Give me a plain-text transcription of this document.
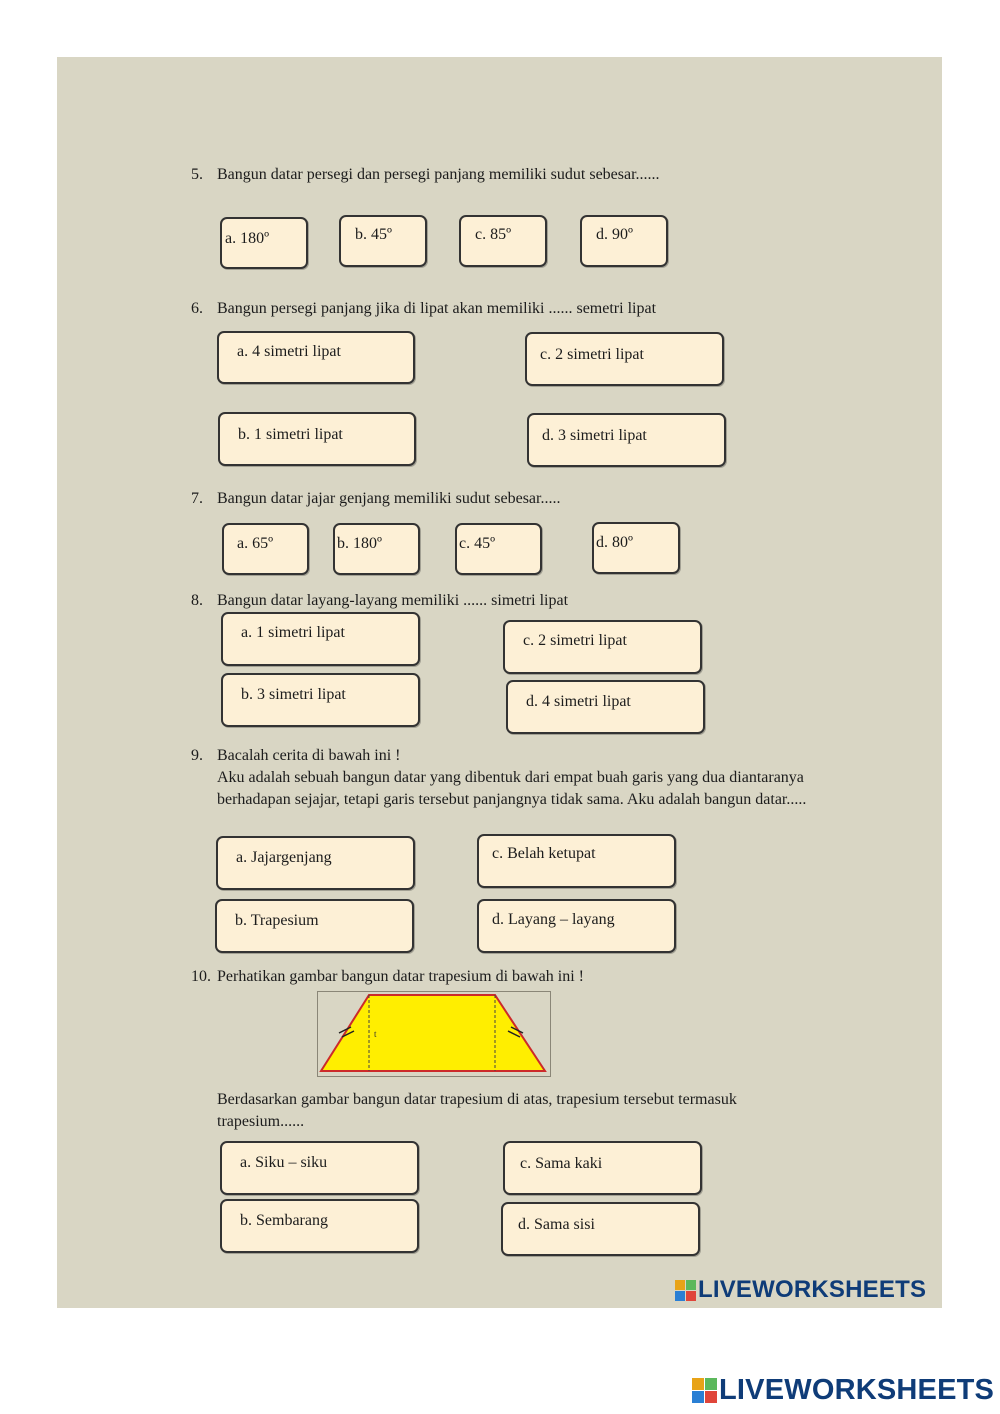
5. Bangun datar persegi dan persegi panjang memiliki sudut sebesar......
a. 180º	b. 45º	c. 85º	d. 90º
6. Bangun persegi panjang jika di lipat akan memiliki ...... semetri lipat
a. 4 simetri lipat	c. 2 simetri lipat
b. 1 simetri lipat	d. 3 simetri lipat
7. Bangun datar jajar genjang memiliki sudut sebesar.....
a. 65º	b. 180º	c. 45º	d. 80º
8. Bangun datar layang-layang memiliki ...... simetri lipat
a. 1 simetri lipat	c. 2 simetri lipat
b. 3 simetri lipat	d. 4 simetri lipat
9. Bacalah cerita di bawah ini !
Aku adalah sebuah bangun datar yang dibentuk dari empat buah garis yang dua diantaranya berhadapan sejajar, tetapi garis tersebut panjangnya tidak sama. Aku adalah bangun datar.....
a. Jajargenjang	c. Belah ketupat
b. Trapesium	d. Layang – layang
10. Perhatikan gambar bangun datar trapesium di bawah ini !
t
Berdasarkan gambar bangun datar trapesium di atas, trapesium tersebut termasuk trapesium......
a. Siku – siku	c. Sama kaki
b. Sembarang	d. Sama sisi
LIVEWORKSHEETS
LIVEWORKSHEETS
